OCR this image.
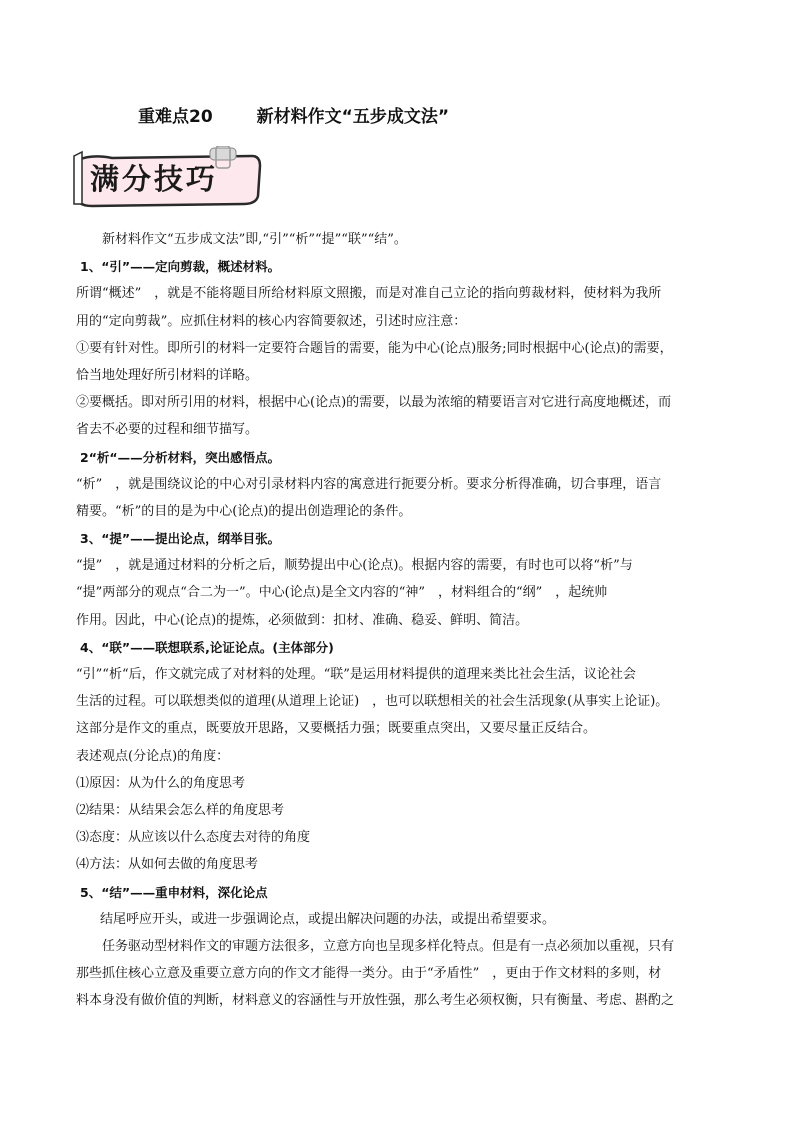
重难点20	新材料作文“五步成文法”
满分技巧
新材料作文“五步成文法”即,“引”“析”“提”“联”“结”。
1、“引”——定向剪裁，概述材料。
所谓“概述”　，就是不能将题目所给材料原文照搬，而是对准自己立论的指向剪裁材料，使材料为我所
用的“定向剪裁”。应抓住材料的核心内容简要叙述，引述时应注意：
①要有针对性。即所引的材料一定要符合题旨的需要，能为中心(论点)服务;同时根据中心(论点)的需要，
恰当地处理好所引材料的详略。
②要概括。即对所引用的材料，根据中心(论点)的需要，以最为浓缩的精要语言对它进行高度地概述，而
省去不必要的过程和细节描写。
2“析“——分析材料，突出感悟点。
“析”　，就是围绕议论的中心对引录材料内容的寓意进行扼要分析。要求分析得准确，切合事理，语言
精要。“析”的目的是为中心(论点)的提出创造理论的条件。
3、“提”——提出论点，纲举目张。
“提”　，就是通过材料的分析之后，顺势提出中心(论点)。根据内容的需要，有时也可以将“析”与
“提”两部分的观点“合二为一”。中心(论点)是全文内容的“神”　，材料组合的“纲”　，起统帅
作用。因此，中心(论点)的提炼，必须做到：扣材、准确、稳妥、鲜明、简洁。
4、“联”——联想联系,论证论点。(主体部分)
“引”“析“后，作文就完成了对材料的处理。“联”是运用材料提供的道理来类比社会生活，议论社会
生活的过程。可以联想类似的道理(从道理上论证)　，也可以联想相关的社会生活现象(从事实上论证)。
这部分是作文的重点，既要放开思路，又要概括力强；既要重点突出，又要尽量正反结合。
表述观点(分论点)的角度：
⑴原因：从为什么的角度思考
⑵结果：从结果会怎么样的角度思考
⑶态度：从应该以什么态度去对待的角度
⑷方法：从如何去做的角度思考
5、“结”——重申材料，深化论点
结尾呼应开头，或进一步强调论点，或提出解决问题的办法，或提出希望要求。
任务驱动型材料作文的审题方法很多，立意方向也呈现多样化特点。但是有一点必须加以重视，只有
那些抓住核心立意及重要立意方向的作文才能得一类分。由于“矛盾性”　，更由于作文材料的多则，材
料本身没有做价值的判断，材料意义的容涵性与开放性强，那么考生必须权衡，只有衡量、考虑、斟酌之
